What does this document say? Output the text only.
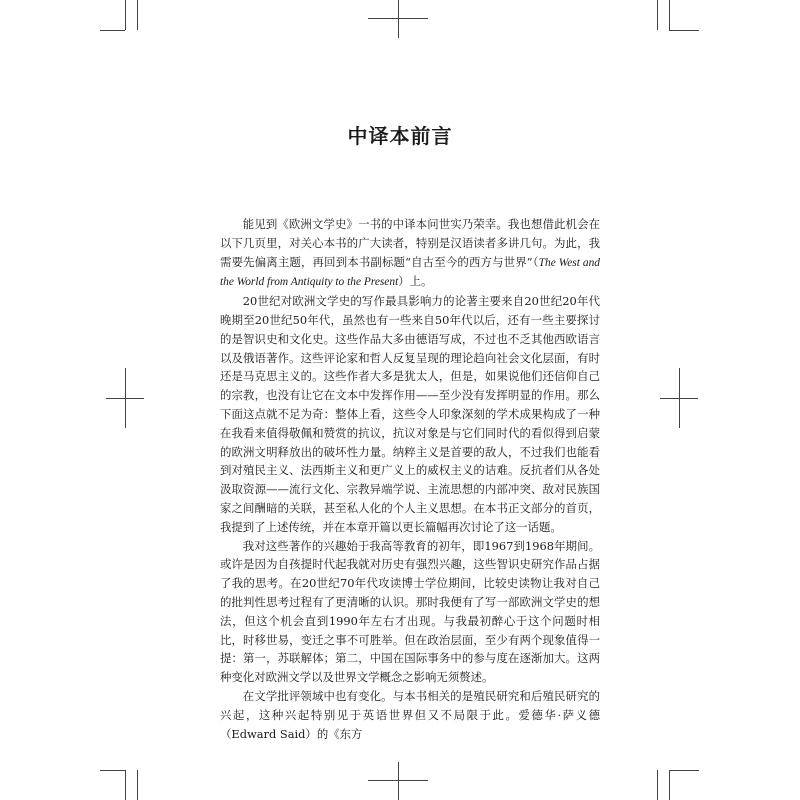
中译本前言

能见到《欧洲文学史》一书的中译本问世实乃荣幸。我也想借此机会在以下几页里，对关心本书的广大读者，特别是汉语读者多讲几句。为此，我需要先偏离主题，再回到本书副标题“自古至今的西方与世界”（The West and the World from Antiquity to the Present）上。

20世纪对欧洲文学史的写作最具影响力的论著主要来自20世纪20年代晚期至20世纪50年代，虽然也有一些来自50年代以后，还有一些主要探讨的是智识史和文化史。这些作品大多由德语写成，不过也不乏其他西欧语言以及俄语著作。这些评论家和哲人反复呈现的理论趋向社会文化层面，有时还是马克思主义的。这些作者大多是犹太人，但是，如果说他们还信仰自己的宗教，也没有让它在文本中发挥作用——至少没有发挥明显的作用。那么下面这点就不足为奇：整体上看，这些令人印象深刻的学术成果构成了一种在我看来值得敬佩和赞赏的抗议，抗议对象是与它们同时代的看似得到启蒙的欧洲文明释放出的破坏性力量。纳粹主义是首要的敌人，不过我们也能看到对殖民主义、法西斯主义和更广义上的威权主义的诘难。反抗者们从各处汲取资源——流行文化、宗教异端学说、主流思想的内部冲突、敌对民族国家之间酬暗的关联，甚至私人化的个人主义思想。在本书正文部分的首页，我提到了上述传统，并在本章开篇以更长篇幅再次讨论了这一话题。

我对这些著作的兴趣始于我高等教育的初年，即1967到1968年期间。或许是因为自孩提时代起我就对历史有强烈兴趣，这些智识史研究作品占据了我的思考。在20世纪70年代攻读博士学位期间，比较史读物让我对自己的批判性思考过程有了更清晰的认识。那时我便有了写一部欧洲文学史的想法，但这个机会直到1990年左右才出现。与我最初醉心于这个问题时相比，时移世易，变迁之事不可胜举。但在政治层面，至少有两个现象值得一提：第一，苏联解体；第二，中国在国际事务中的参与度在逐渐加大。这两种变化对欧洲文学以及世界文学概念之影响无须赘述。

在文学批评领域中也有变化。与本书相关的是殖民研究和后殖民研究的兴起，这种兴起特别见于英语世界但又不局限于此。爱德华·萨义德（Edward Said）的《东方
